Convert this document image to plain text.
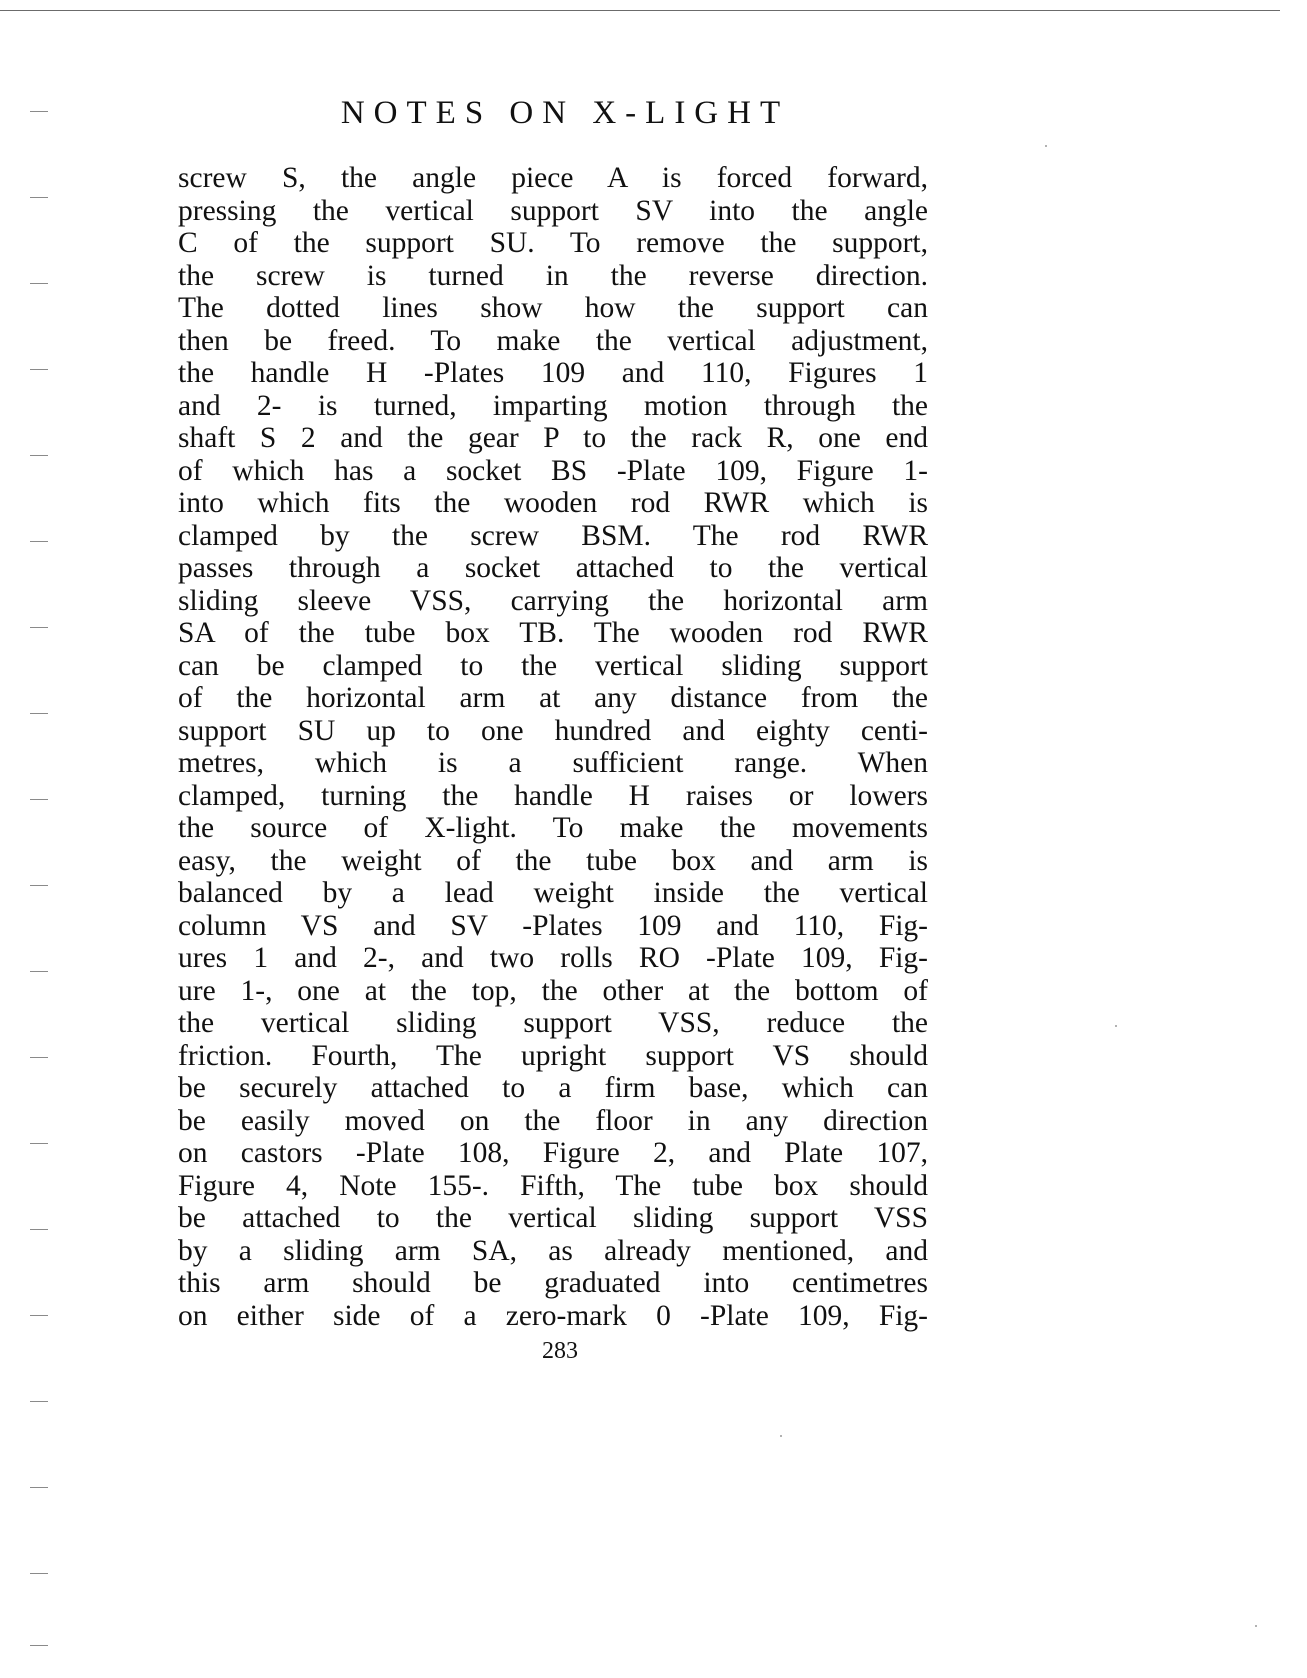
NOTES ON X-LIGHT
screw S, the angle piece A is forced forward,
pressing the vertical support SV into the angle
C of the support SU. To remove the support,
the screw is turned in the reverse direction.
The dotted lines show how the support can
then be freed. To make the vertical adjustment,
the handle H -Plates 109 and 110, Figures 1
and 2- is turned, imparting motion through the
shaft S 2 and the gear P to the rack R, one end
of which has a socket BS -Plate 109, Figure 1-
into which fits the wooden rod RWR which is
clamped by the screw BSM. The rod RWR
passes through a socket attached to the vertical
sliding sleeve VSS, carrying the horizontal arm
SA of the tube box TB. The wooden rod RWR
can be clamped to the vertical sliding support
of the horizontal arm at any distance from the
support SU up to one hundred and eighty centi-
metres, which is a sufficient range. When
clamped, turning the handle H raises or lowers
the source of X-light. To make the movements
easy, the weight of the tube box and arm is
balanced by a lead weight inside the vertical
column VS and SV -Plates 109 and 110, Fig-
ures 1 and 2-, and two rolls RO -Plate 109, Fig-
ure 1-, one at the top, the other at the bottom of
the vertical sliding support VSS, reduce the
friction. Fourth, The upright support VS should
be securely attached to a firm base, which can
be easily moved on the floor in any direction
on castors -Plate 108, Figure 2, and Plate 107,
Figure 4, Note 155-. Fifth, The tube box should
be attached to the vertical sliding support VSS
by a sliding arm SA, as already mentioned, and
this arm should be graduated into centimetres
on either side of a zero-mark 0 -Plate 109, Fig-
283
